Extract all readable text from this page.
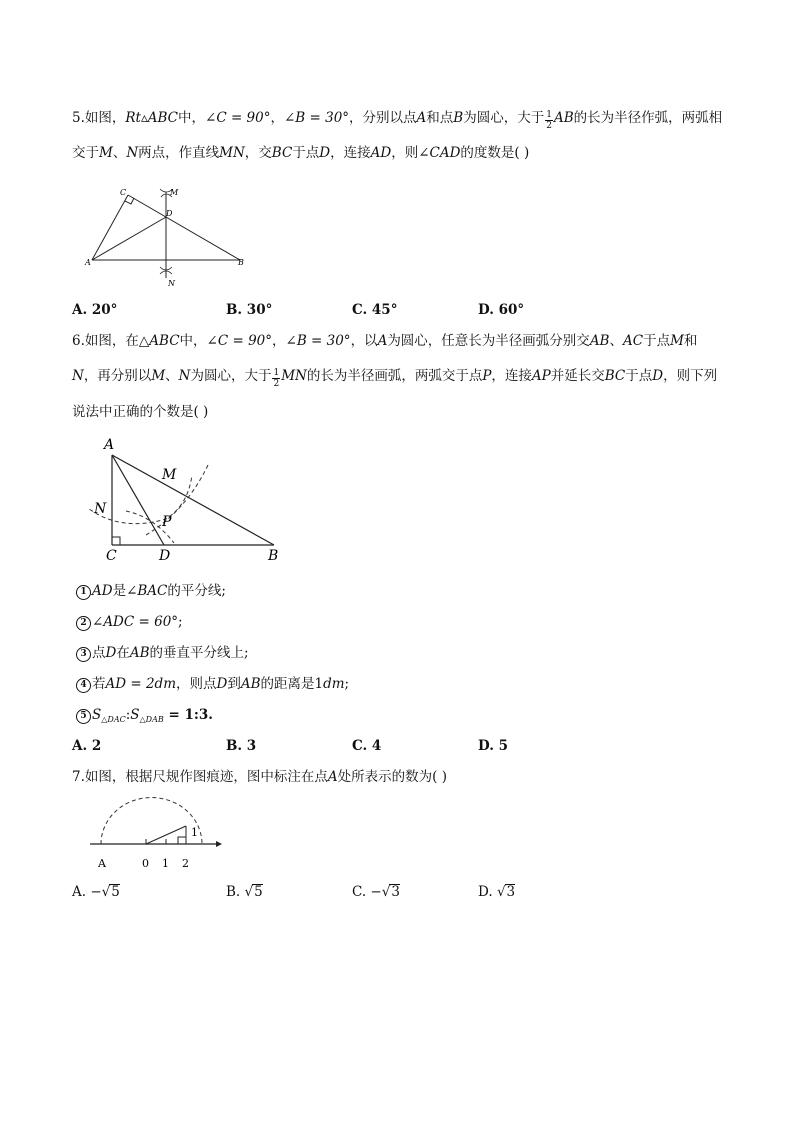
5.如图，Rt▵ABC中，∠C = 90°，∠B = 30°，分别以点A和点B为圆心，大于 $\frac{1}{2}$ AB的长为半径作弧，两弧相
交于M、N两点，作直线MN，交BC于点D，连接AD，则∠CAD的度数是( )
C	M
D
A	B
N
A. 20°	B. 30°	C. 45°	D. 60°
6.如图，在△ABC中，∠C = 90°，∠B = 30°，以A为圆心，任意长为半径画弧分别交AB、AC于点M和
N，再分别以M、N为圆心，大于 $\frac{1}{2}$ MN的长为半径画弧，两弧交于点P，连接AP并延长交BC于点D，则下列
说法中正确的个数是( )
A
M
N
P
C	D	B
1 AD是∠BAC的平分线;
2 ∠ADC = 60°;
3 点D在AB的垂直平分线上;
4 若AD = 2dm，则点D到AB的距离是1dm;
5 $S_{\triangle DAC}:S_{\triangle DAB}$ = 1:3.
A. 2	B. 3	C. 4	D. 5
7.如图，根据尺规作图痕迹，图中标注在点A处所表示的数为( )
1
A	0 1 2
A. −√5	B. √5	C. −√3	D. √3
